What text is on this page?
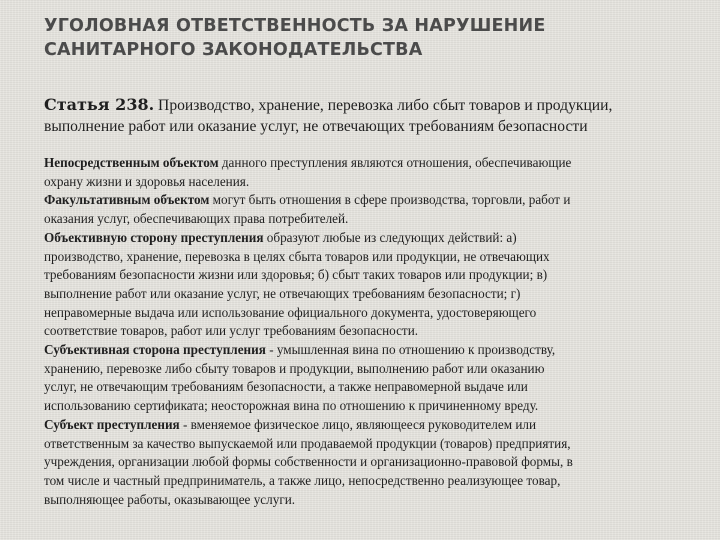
УГОЛОВНАЯ ОТВЕТСТВЕННОСТЬ ЗА НАРУШЕНИЕ
САНИТАРНОГО ЗАКОНОДАТЕЛЬСТВА
Статья 238. Производство, хранение, перевозка либо сбыт товаров и продукции,
выполнение работ или оказание услуг, не отвечающих требованиям безопасности
Непосредственным объектом данного преступления являются отношения, обеспечивающие
охрану жизни и здоровья населения.
Факультативным объектом могут быть отношения в сфере производства, торговли, работ и
оказания услуг, обеспечивающих права потребителей.
Объективную сторону преступления образуют любые из следующих действий: а)
производство, хранение, перевозка в целях сбыта товаров или продукции, не отвечающих
требованиям безопасности жизни или здоровья; б) сбыт таких товаров или продукции; в)
выполнение работ или оказание услуг, не отвечающих требованиям безопасности; г)
неправомерные выдача или использование официального документа, удостоверяющего
соответствие товаров, работ или услуг требованиям безопасности.
Субъективная сторона преступления - умышленная вина по отношению к производству,
хранению, перевозке либо сбыту товаров и продукции, выполнению работ или оказанию
услуг, не отвечающим требованиям безопасности, а также неправомерной выдаче или
использованию сертификата; неосторожная вина по отношению к причиненному вреду.
Субъект преступления - вменяемое физическое лицо, являющееся руководителем или
ответственным за качество выпускаемой или продаваемой продукции (товаров) предприятия,
учреждения, организации любой формы собственности и организационно-правовой формы, в
том числе и частный предприниматель, а также лицо, непосредственно реализующее товар,
выполняющее работы, оказывающее услуги.
